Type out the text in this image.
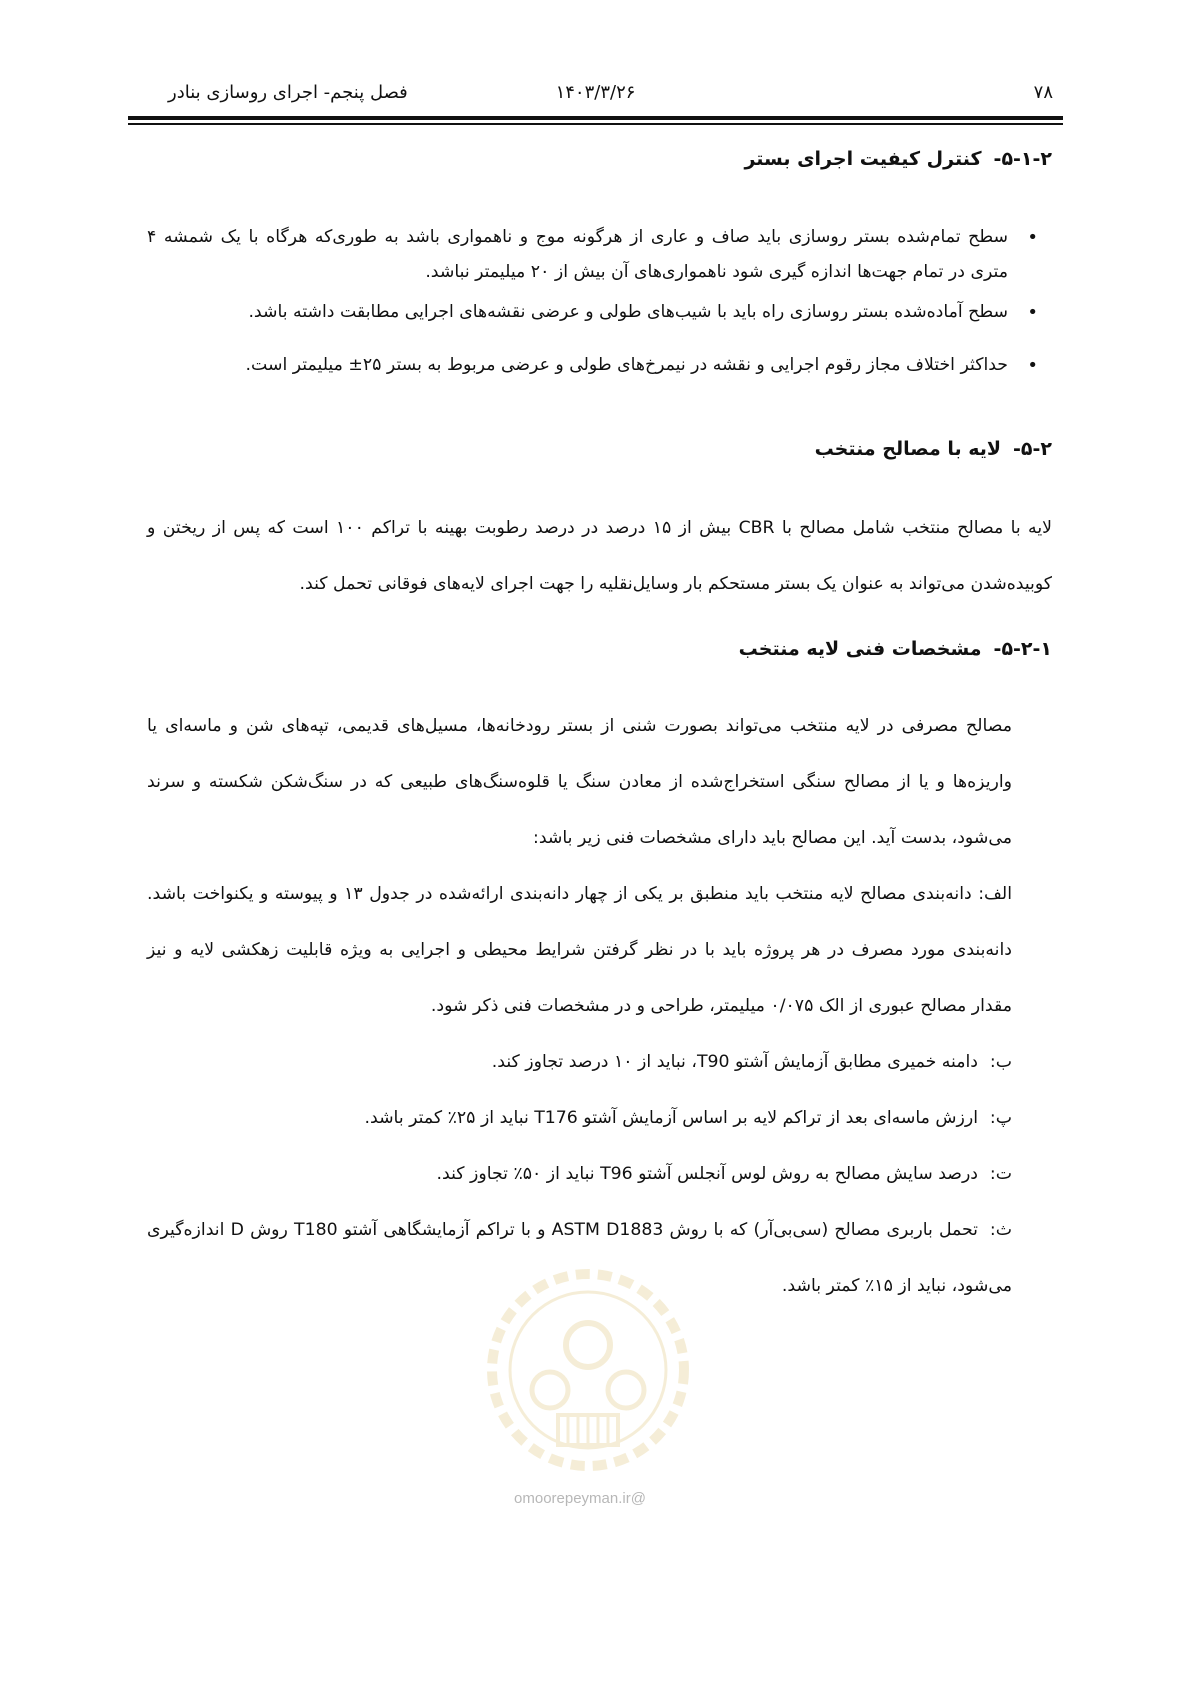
۷۸
۱۴۰۳/۳/۲۶
فصل پنجم- اجرای روسازی بنادر
۵-۱-۲-
کنترل کیفیت اجرای بستر
• سطح تمام‌شده بستر روسازی باید صاف و عاری از هرگونه موج و ناهمواری باشد به طوری‌که هرگاه با یک شمشه ۴ متری در تمام جهت‌ها اندازه گیری شود ناهمواری‌های آن بیش از ۲۰ میلیمتر نباشد.
• سطح آماده‌شده بستر روسازی راه باید با شیب‌های طولی و عرضی نقشه‌های اجرایی مطابقت داشته باشد.
• حداکثر اختلاف مجاز رقوم اجرایی و نقشه در نیمرخ‌های طولی و عرضی مربوط به بستر ۲۵± میلیمتر است.
۵-۲-
لایه با مصالح منتخب

لایه با مصالح منتخب شامل مصالح با CBR بیش از ۱۵ درصد در درصد رطوبت بهینه با تراکم ۱۰۰ است که پس از ریختن و کوبیده‌شدن می‌تواند به عنوان یک بستر مستحکم بار وسایل‌نقلیه را جهت اجرای لایه‌های فوقانی تحمل کند.

۵-۲-۱-
مشخصات فنی لایه منتخب

مصالح مصرفی در لایه منتخب می‌تواند بصورت شنی از بستر رودخانه‌ها، مسیل‌های قدیمی، تپه‌های شن و ماسه‌ای یا واریزه‌ها و یا از مصالح سنگی استخراج‌شده از معادن سنگ یا قلوه‌سنگ‌های طبیعی که در سنگ‌شکن شکسته و سرند می‌شود، بدست آید. این مصالح باید دارای مشخصات فنی زیر باشد:

الف: دانه‌بندی مصالح لایه منتخب باید منطبق بر یکی از چهار دانه‌بندی ارائه‌شده در جدول ۱۳ و پیوسته و یکنواخت باشد. دانه‌بندی مورد مصرف در هر پروژه باید با در نظر گرفتن شرایط محیطی و اجرایی به ویژه قابلیت زهکشی لایه و نیز مقدار مصالح عبوری از الک ۰/۰۷۵ میلیمتر، طراحی و در مشخصات فنی ذکر شود.

ب:
دامنه خمیری مطابق آزمایش آشتو T90، نباید از ۱۰ درصد تجاوز کند.
پ:
ارزش ماسه‌ای بعد از تراکم لایه بر اساس آزمایش آشتو T176 نباید از ۲۵٪ کمتر باشد.
ت:
درصد سایش مصالح به روش لوس آنجلس آشتو T96 نباید از ۵۰٪ تجاوز کند.

ث:تحمل باربری مصالح (سی‌بی‌آر) که با روش ASTM D1883 و با تراکم آزمایشگاهی آشتو T180 روش D اندازه‌گیری می‌شود، نباید از ۱۵٪ کمتر باشد.

@omoorepeyman.ir
